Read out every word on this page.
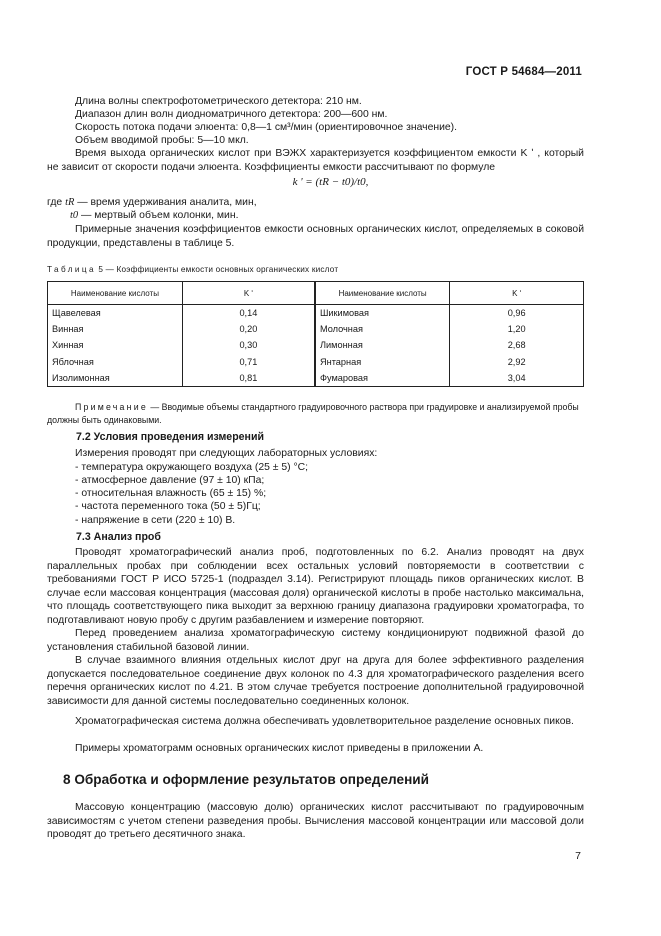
ГОСТ Р 54684—2011
Длина волны спектрофотометрического детектора: 210 нм.
Диапазон длин волн диодноматричного детектора: 200—600 нм.
Скорость потока подачи элюента: 0,8—1 см³/мин (ориентировочное значение).
Объем вводимой пробы: 5—10 мкл.
Время выхода органических кислот при ВЭЖХ характеризуется коэффициентом емкости K ʹ , который не зависит от скорости подачи элюента. Коэффициенты емкости рассчитывают по формуле
k ʹ = (tR − t0)/t0,
где tR — время удерживания аналита, мин,
t0 — мертвый объем колонки, мин.
Примерные значения коэффициентов емкости основных органических кислот, определяемых в соковой продукции, представлены в таблице 5.
Таблица 5 — Коэффициенты емкости основных органических кислот
Наименование кислоты	K ʹ	Наименование кислоты	K ʹ
Щавелевая	0,14	Шикимовая	0,96
Винная	0,20	Молочная	1,20
Хинная	0,30	Лимонная	2,68
Яблочная	0,71	Янтарная	2,92
Изолимонная	0,81	Фумаровая	3,04
Примечание — Вводимые объемы стандартного градуировочного раствора при градуировке и анализируемой пробы должны быть одинаковыми.
7.2 Условия проведения измерений
Измерения проводят при следующих лабораторных условиях:
- температура окружающего воздуха (25 ± 5) °С;
- атмосферное давление (97 ± 10) кПа;
- относительная влажность (65 ± 15) %;
- частота переменного тока (50 ± 5)Гц;
- напряжение в сети (220 ± 10) В.
7.3 Анализ проб
Проводят хроматографический анализ проб, подготовленных по 6.2. Анализ проводят на двух параллельных пробах при соблюдении всех остальных условий повторяемости в соответствии с требованиями ГОСТ Р ИСО 5725-1 (подраздел 3.14). Регистрируют площадь пиков органических кислот. В случае если массовая концентрация (массовая доля) органической кислоты в пробе настолько максимальна, что площадь соответствующего пика выходит за верхнюю границу диапазона градуировки хроматографа, то подготавливают новую пробу с другим разбавлением и измерение повторяют.
Перед проведением анализа хроматографическую систему кондиционируют подвижной фазой до установления стабильной базовой линии.
В случае взаимного влияния отдельных кислот друг на друга для более эффективного разделения допускается последовательное соединение двух колонок по 4.3 для хроматографического разделения всего перечня органических кислот по 4.21. В этом случае требуется построение дополнительной градуировочной зависимости для данной системы последовательно соединенных колонок.
Хроматографическая система должна обеспечивать удовлетворительное разделение основных пиков.
Примеры хроматограмм основных органических кислот приведены в приложении А.
8 Обработка и оформление результатов определений
Массовую концентрацию (массовую долю) органических кислот рассчитывают по градуировочным зависимостям с учетом степени разведения пробы. Вычисления массовой концентрации или массовой доли проводят до третьего десятичного знака.
7
